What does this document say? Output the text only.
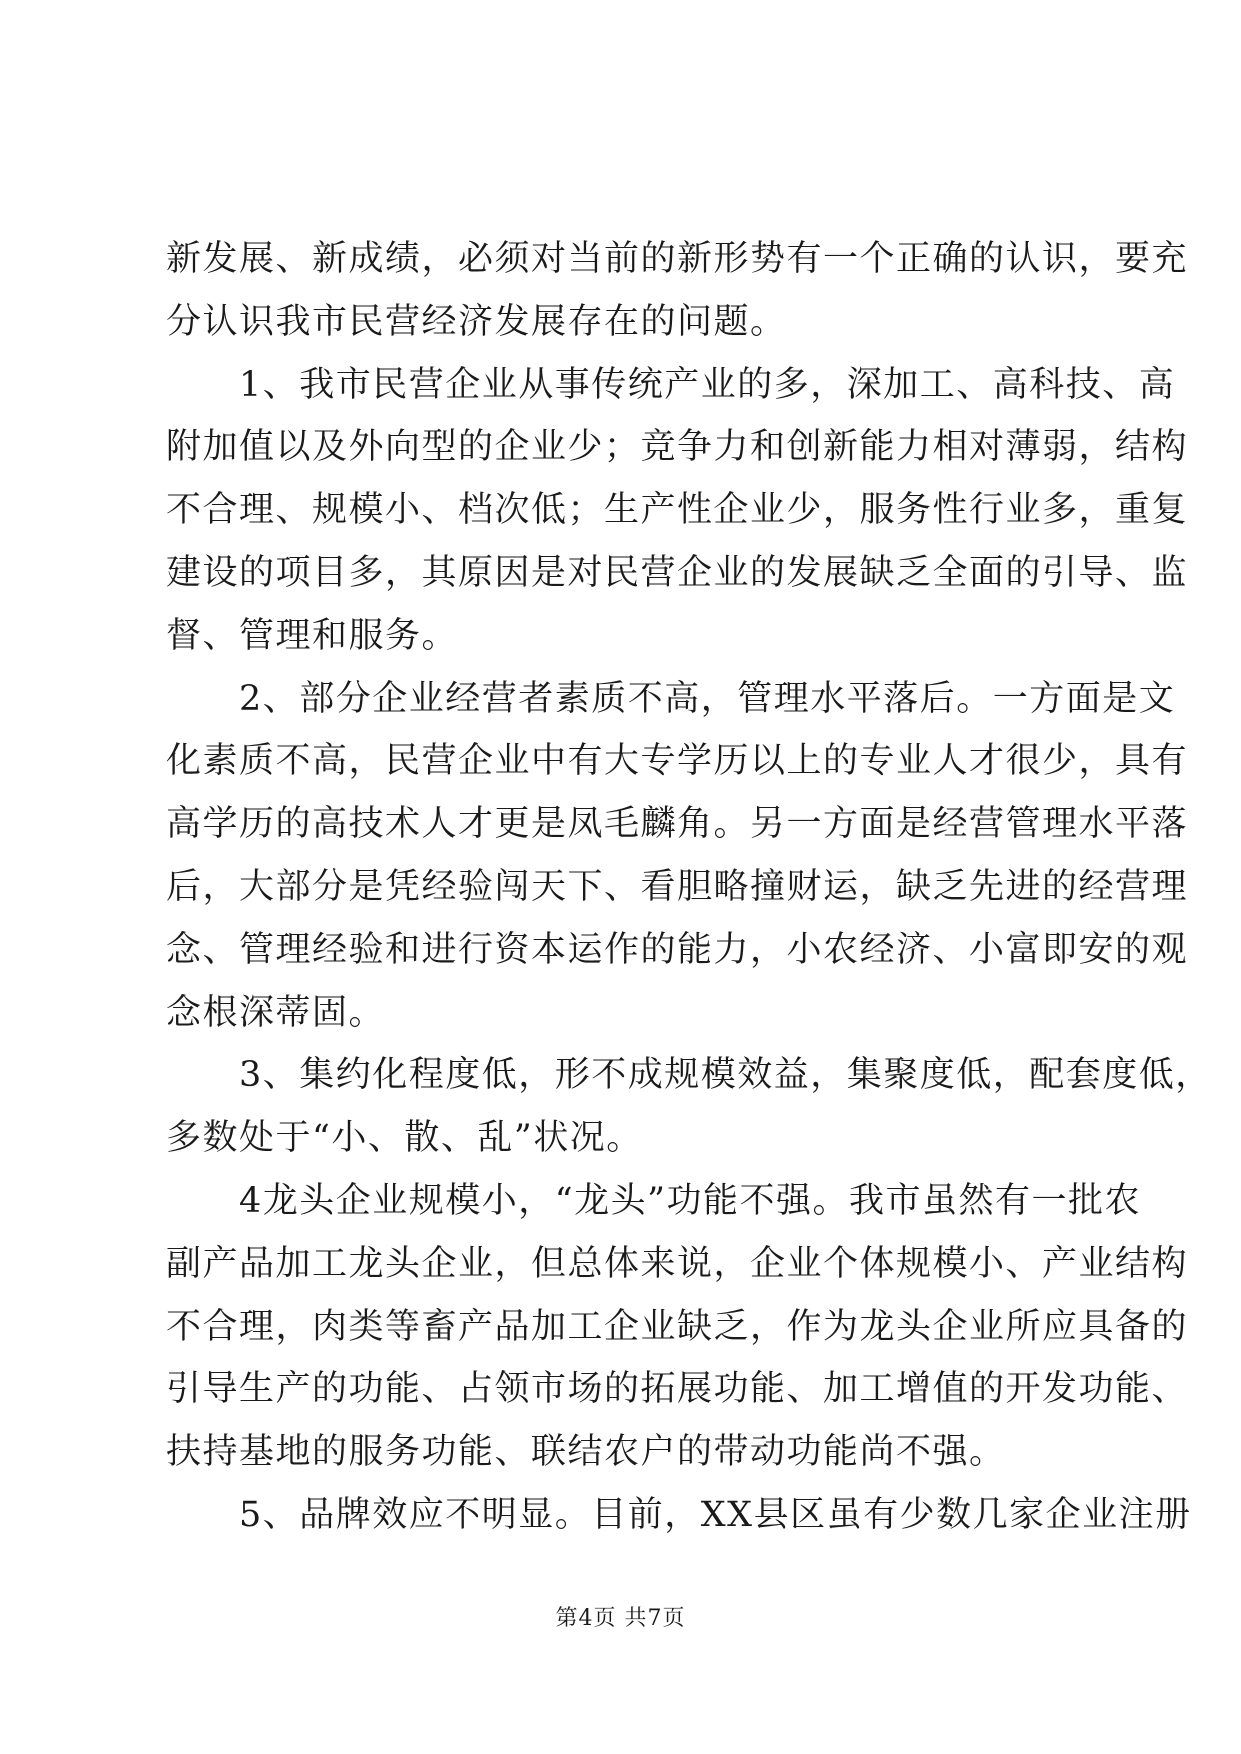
新发展、新成绩，必须对当前的新形势有一个正确的认识，要充
分认识我市民营经济发展存在的问题。
　　1、我市民营企业从事传统产业的多，深加工、高科技、高
附加值以及外向型的企业少；竞争力和创新能力相对薄弱，结构
不合理、规模小、档次低；生产性企业少，服务性行业多，重复
建设的项目多，其原因是对民营企业的发展缺乏全面的引导、监
督、管理和服务。
　　2、部分企业经营者素质不高，管理水平落后。一方面是文
化素质不高，民营企业中有大专学历以上的专业人才很少，具有
高学历的高技术人才更是凤毛麟角。另一方面是经营管理水平落
后，大部分是凭经验闯天下、看胆略撞财运，缺乏先进的经营理
念、管理经验和进行资本运作的能力，小农经济、小富即安的观
念根深蒂固。
　　3、集约化程度低，形不成规模效益，集聚度低，配套度低，
多数处于“小、散、乱”状况。
　　4龙头企业规模小，“龙头”功能不强。我市虽然有一批农
副产品加工龙头企业，但总体来说，企业个体规模小、产业结构
不合理，肉类等畜产品加工企业缺乏，作为龙头企业所应具备的
引导生产的功能、占领市场的拓展功能、加工增值的开发功能、
扶持基地的服务功能、联结农户的带动功能尚不强。
　　5、品牌效应不明显。目前，XX县区虽有少数几家企业注册
第4页 共7页
